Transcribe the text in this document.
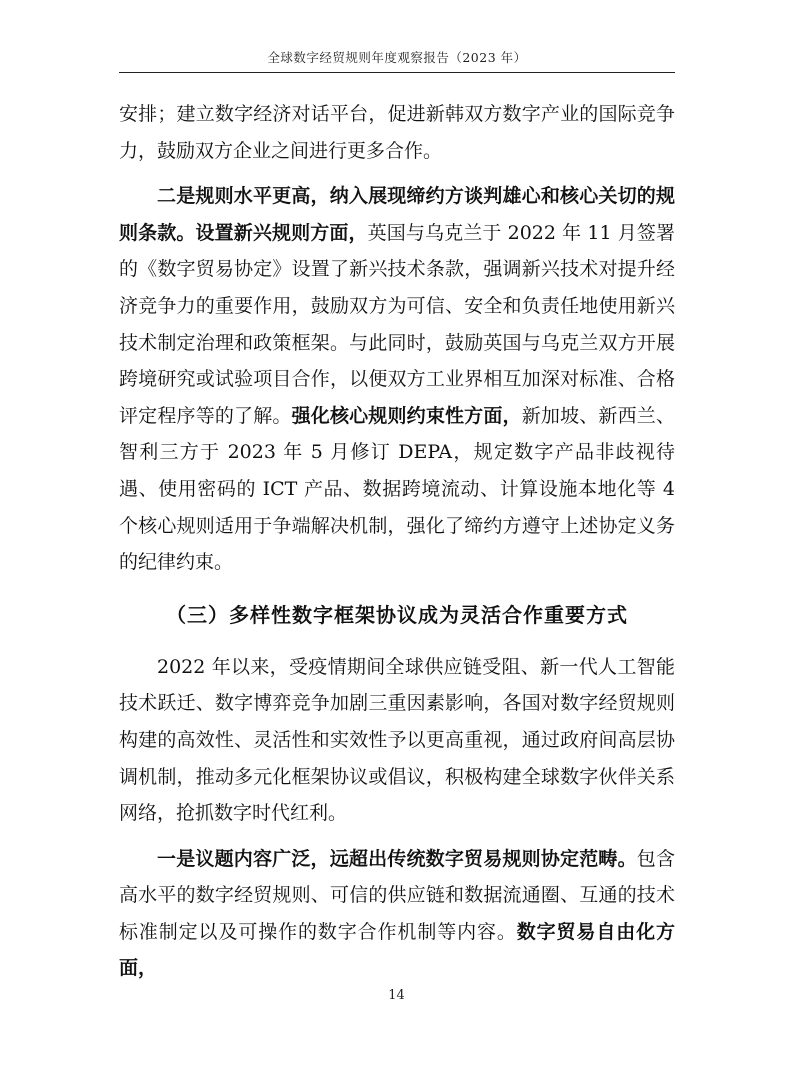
全球数字经贸规则年度观察报告（2023 年）

安排；建立数字经济对话平台，促进新韩双方数字产业的国际竞争力，鼓励双方企业之间进行更多合作。

二是规则水平更高，纳入展现缔约方谈判雄心和核心关切的规则条款。设置新兴规则方面，英国与乌克兰于 2022 年 11 月签署的《数字贸易协定》设置了新兴技术条款，强调新兴技术对提升经济竞争力的重要作用，鼓励双方为可信、安全和负责任地使用新兴技术制定治理和政策框架。与此同时，鼓励英国与乌克兰双方开展跨境研究或试验项目合作，以便双方工业界相互加深对标准、合格评定程序等的了解。强化核心规则约束性方面，新加坡、新西兰、智利三方于 2023 年 5 月修订 DEPA，规定数字产品非歧视待遇、使用密码的 ICT 产品、数据跨境流动、计算设施本地化等 4 个核心规则适用于争端解决机制，强化了缔约方遵守上述协定义务的纪律约束。

（三）多样性数字框架协议成为灵活合作重要方式

2022 年以来，受疫情期间全球供应链受阻、新一代人工智能技术跃迁、数字博弈竞争加剧三重因素影响，各国对数字经贸规则构建的高效性、灵活性和实效性予以更高重视，通过政府间高层协调机制，推动多元化框架协议或倡议，积极构建全球数字伙伴关系网络，抢抓数字时代红利。

一是议题内容广泛，远超出传统数字贸易规则协定范畴。包含高水平的数字经贸规则、可信的供应链和数据流通圈、互通的技术标准制定以及可操作的数字合作机制等内容。数字贸易自由化方面，

14
